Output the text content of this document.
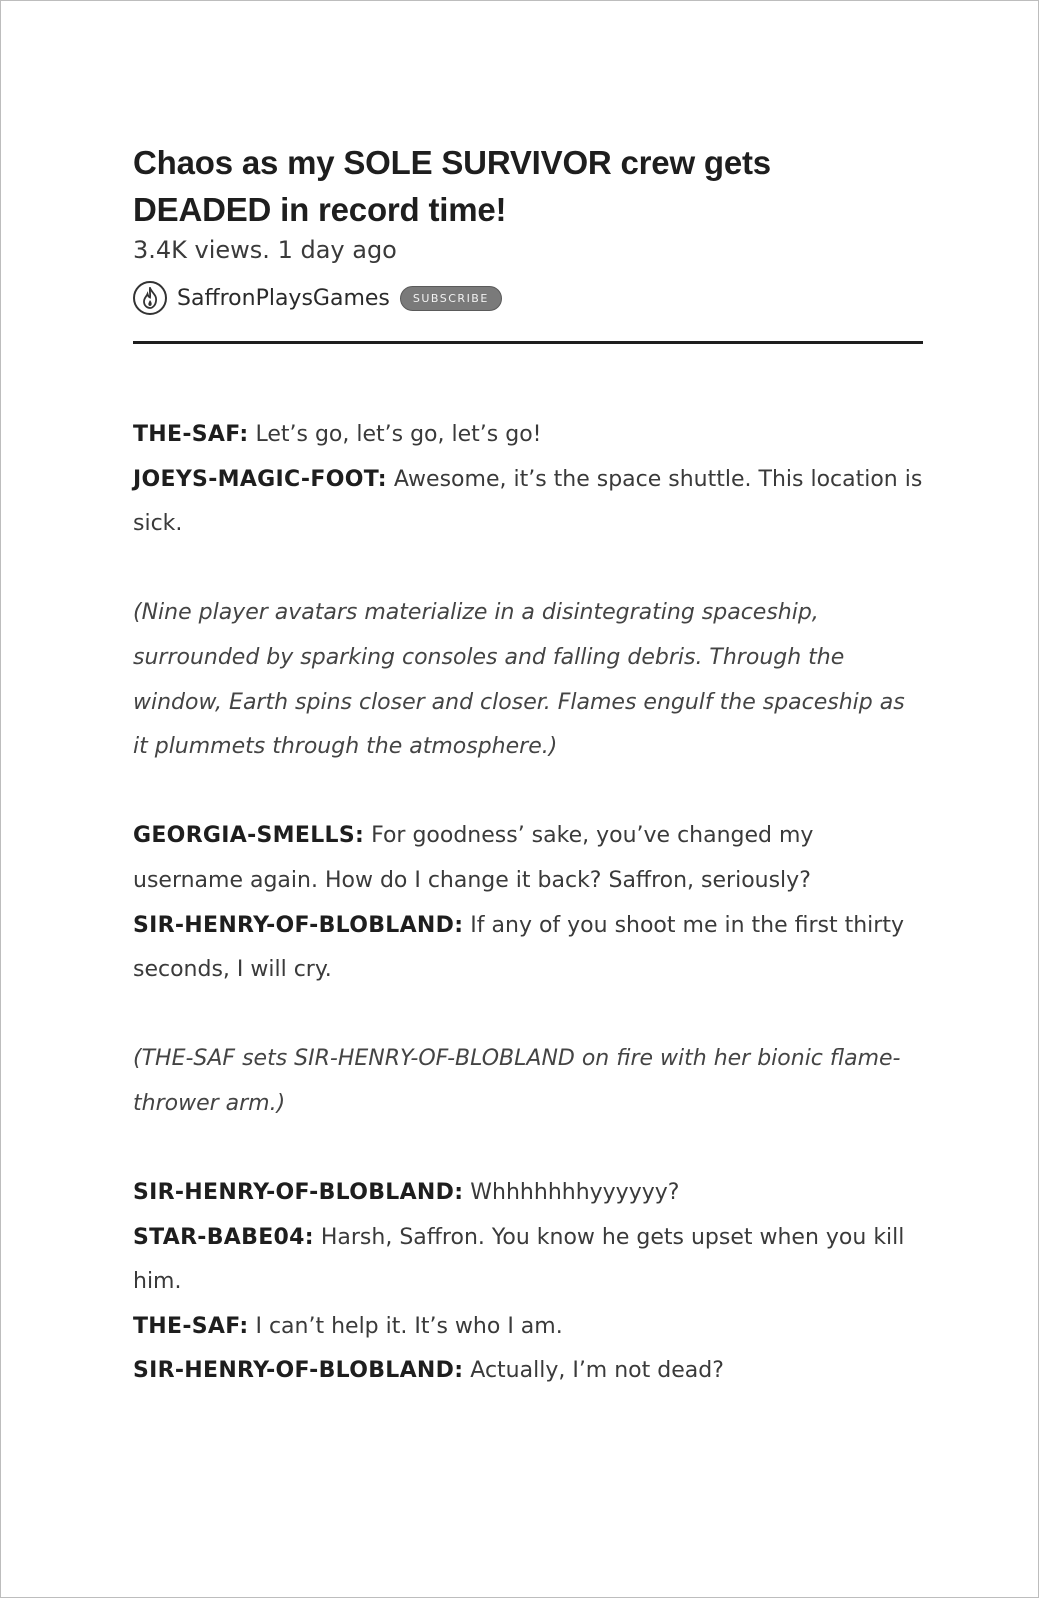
Chaos as my SOLE SURVIVOR crew gets DEADED in record time!
3.4K views. 1 day ago
SaffronPlaysGames	SUBSCRIBE

THE-SAF: Let’s go, let’s go, let’s go!

JOEYS-MAGIC-FOOT: Awesome, it’s the space shuttle. This location is sick.

(Nine player avatars materialize in a disintegrating spaceship, surrounded by sparking consoles and falling debris. Through the window, Earth spins closer and closer. Flames engulf the spaceship as it plummets through the atmosphere.)

GEORGIA-SMELLS: For goodness’ sake, you’ve changed my username again. How do I change it back? Saffron, seriously?

SIR-HENRY-OF-BLOBLAND: If any of you shoot me in the first thirty seconds, I will cry.

(THE-SAF sets SIR-HENRY-OF-BLOBLAND on fire with her bionic flame-thrower arm.)

SIR-HENRY-OF-BLOBLAND: Whhhhhhhyyyyyy?

STAR-BABE04: Harsh, Saffron. You know he gets upset when you kill him.

THE-SAF: I can’t help it. It’s who I am.

SIR-HENRY-OF-BLOBLAND: Actually, I’m not dead?
